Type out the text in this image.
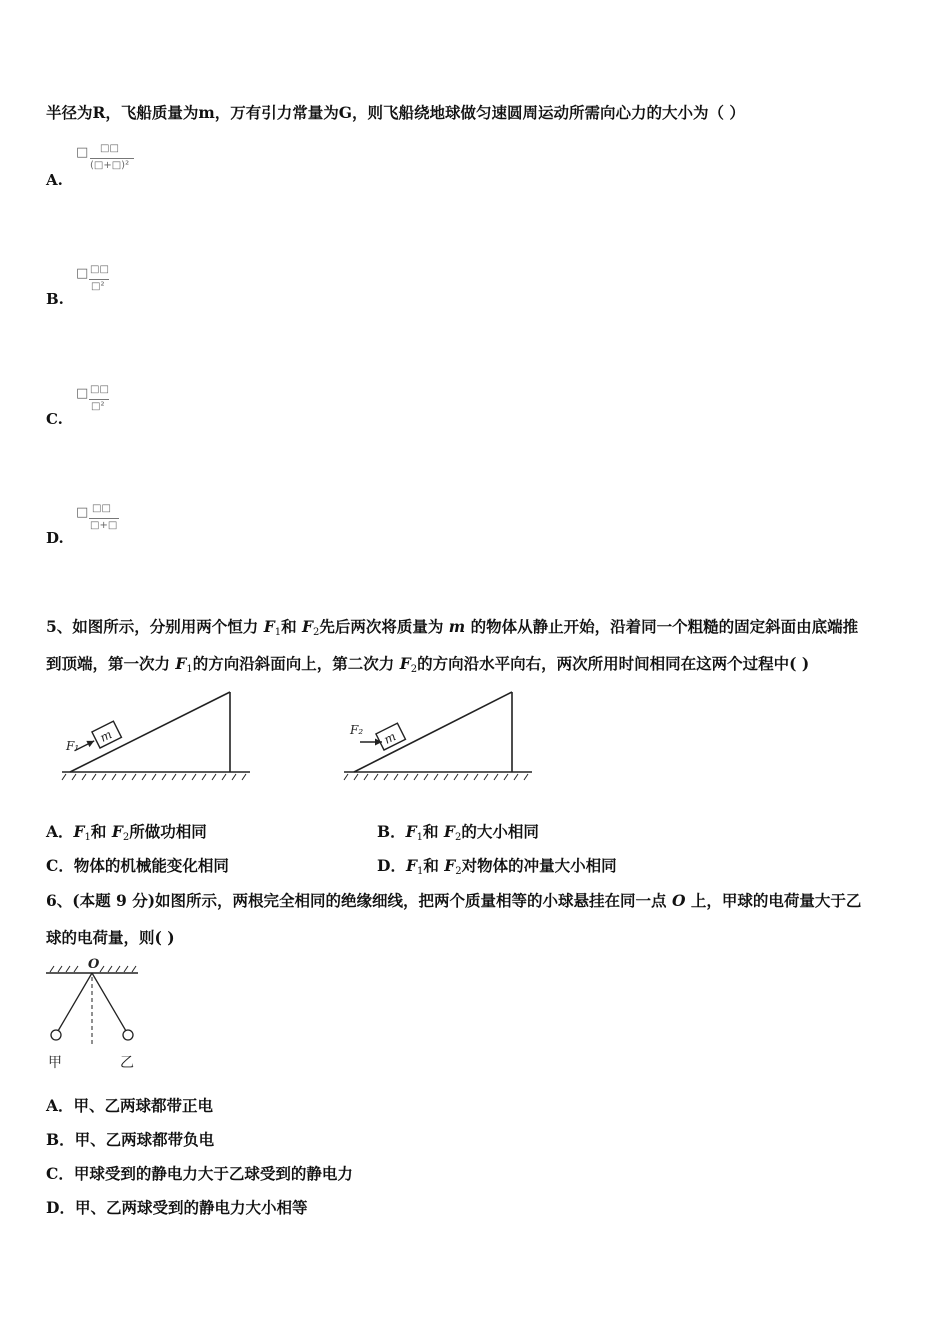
半径为R，飞船质量为m，万有引力常量为G，则飞船绕地球做匀速圆周运动所需向心力的大小为（ ）
A.
□ □□
(□+□)²
B.
□ □□
□²
C.
□ □□
□²
D.
□ □□
□+□
5、如图所示，分别用两个恒力 $F_1$和 $F_2$先后两次将质量为 m 的物体从静止开始，沿着同一个粗糙的固定斜面由底端推
到顶端，第一次力 $F_1$的方向沿斜面向上，第二次力 $F_2$的方向沿水平向右，两次所用时间相同在这两个过程中( )
m
F₁	m
F₂
A．$F_1$和 $F_2$所做功相同	B．$F_1$和 $F_2$的大小相同
C．物体的机械能变化相同	D．$F_1$和 $F_2$对物体的冲量大小相同
6、(本题 9 分)如图所示，两根完全相同的绝缘细线，把两个质量相等的小球悬挂在同一点 O 上，甲球的电荷量大于乙
球的电荷量，则( )
O
甲	乙
A．甲、乙两球都带正电
B．甲、乙两球都带负电
C．甲球受到的静电力大于乙球受到的静电力
D．甲、乙两球受到的静电力大小相等
